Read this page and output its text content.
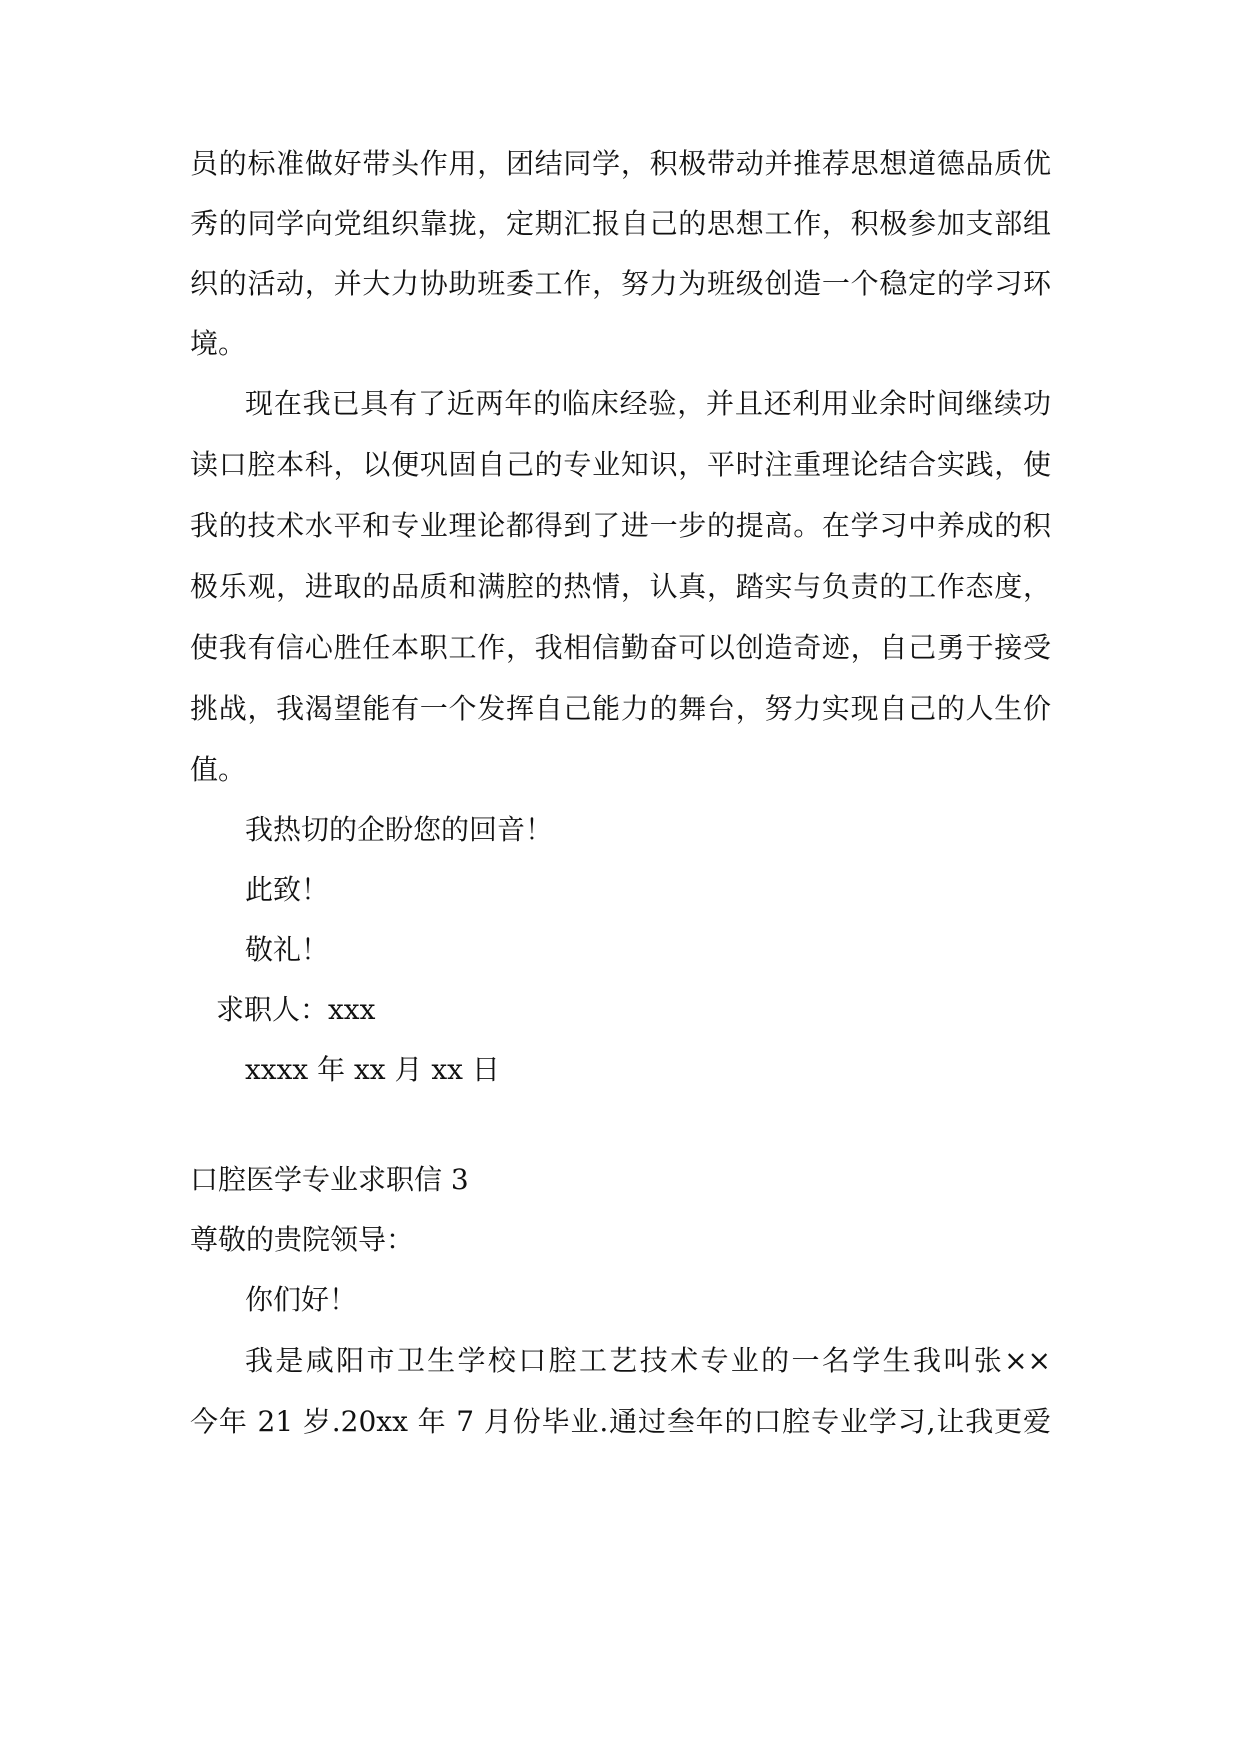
员的标准做好带头作用，团结同学，积极带动并推荐思想道德品质优
秀的同学向党组织靠拢，定期汇报自己的思想工作，积极参加支部组
织的活动，并大力协助班委工作，努力为班级创造一个稳定的学习环
境。
现在我已具有了近两年的临床经验，并且还利用业余时间继续功
读口腔本科，以便巩固自己的专业知识，平时注重理论结合实践，使
我的技术水平和专业理论都得到了进一步的提高。在学习中养成的积
极乐观，进取的品质和满腔的热情，认真，踏实与负责的工作态度，
使我有信心胜任本职工作，我相信勤奋可以创造奇迹，自己勇于接受
挑战，我渴望能有一个发挥自己能力的舞台，努力实现自己的人生价
值。
我热切的企盼您的回音！
此致！
敬礼！
求职人：xxx
xxxx 年 xx 月 xx 日
口腔医学专业求职信 3
尊敬的贵院领导：
你们好！
我是咸阳市卫生学校口腔工艺技术专业的一名学生我叫张××
今年 21 岁.20xx 年 7 月份毕业.通过叁年的口腔专业学习,让我更爱
